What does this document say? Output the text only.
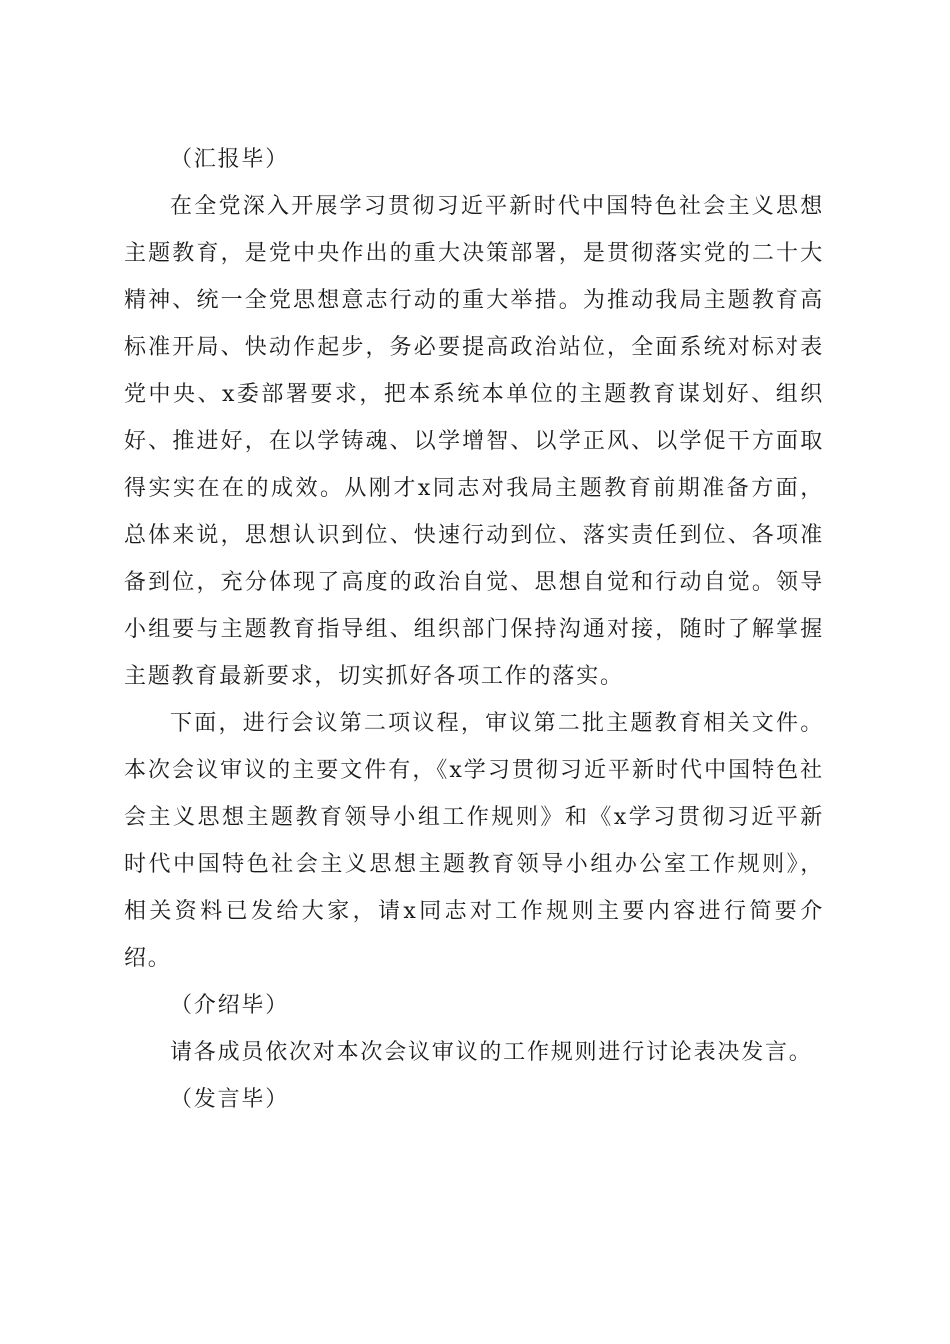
（汇报毕）

在全党深入开展学习贯彻习近平新时代中国特色社会主义思想主题教育，是党中央作出的重大决策部署，是贯彻落实党的二十大精神、统一全党思想意志行动的重大举措。为推动我局主题教育高标准开局、快动作起步，务必要提高政治站位，全面系统对标对表党中央、x委部署要求，把本系统本单位的主题教育谋划好、组织好、推进好，在以学铸魂、以学增智、以学正风、以学促干方面取得实实在在的成效。从刚才x同志对我局主题教育前期准备方面，总体来说，思想认识到位、快速行动到位、落实责任到位、各项准备到位，充分体现了高度的政治自觉、思想自觉和行动自觉。领导小组要与主题教育指导组、组织部门保持沟通对接，随时了解掌握主题教育最新要求，切实抓好各项工作的落实。

下面，进行会议第二项议程，审议第二批主题教育相关文件。本次会议审议的主要文件有，《x学习贯彻习近平新时代中国特色社会主义思想主题教育领导小组工作规则》和《x学习贯彻习近平新时代中国特色社会主义思想主题教育领导小组办公室工作规则》，相关资料已发给大家，请x同志对工作规则主要内容进行简要介绍。

（介绍毕）

请各成员依次对本次会议审议的工作规则进行讨论表决发言。

（发言毕）
